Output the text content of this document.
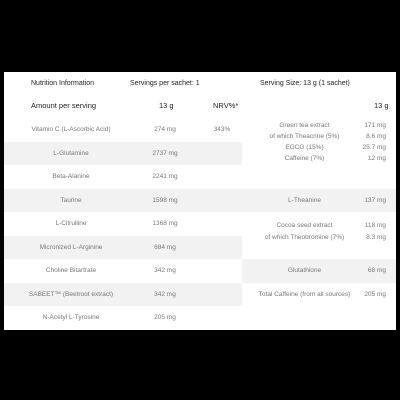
Nutrition Information	Servings per sachet: 1	Serving Size: 13 g (1 sachet)
Amount per serving	13 g	NRV%*	13 g
Vitamin C (L-Ascorbic Acid)	274 mg	343%
L-Glutamine	2737 mg
Beta-Alanine	2241 mg
Taurine	1598 mg
L-Citrulline	1368 mg
Micronized L-Arginine	684 mg
Choline Bitartrate	342 mg
SABEET™ (Beetroot extract)	342 mg
N-Acetyl L-Tyrosine	205 mg
Green tea extract	171 mg
of which Theacrine (5%)	8.6 mg
EGCG (15%)	25.7 mg
Caffeine (7%)	12 mg
L-Theanine	137 mg
Cocoa seed extract	118 mg
of which Theobromine (7%)	8.3 mg
Glutathione	68 mg
Total Caffeine (from all sources)	205 mg
